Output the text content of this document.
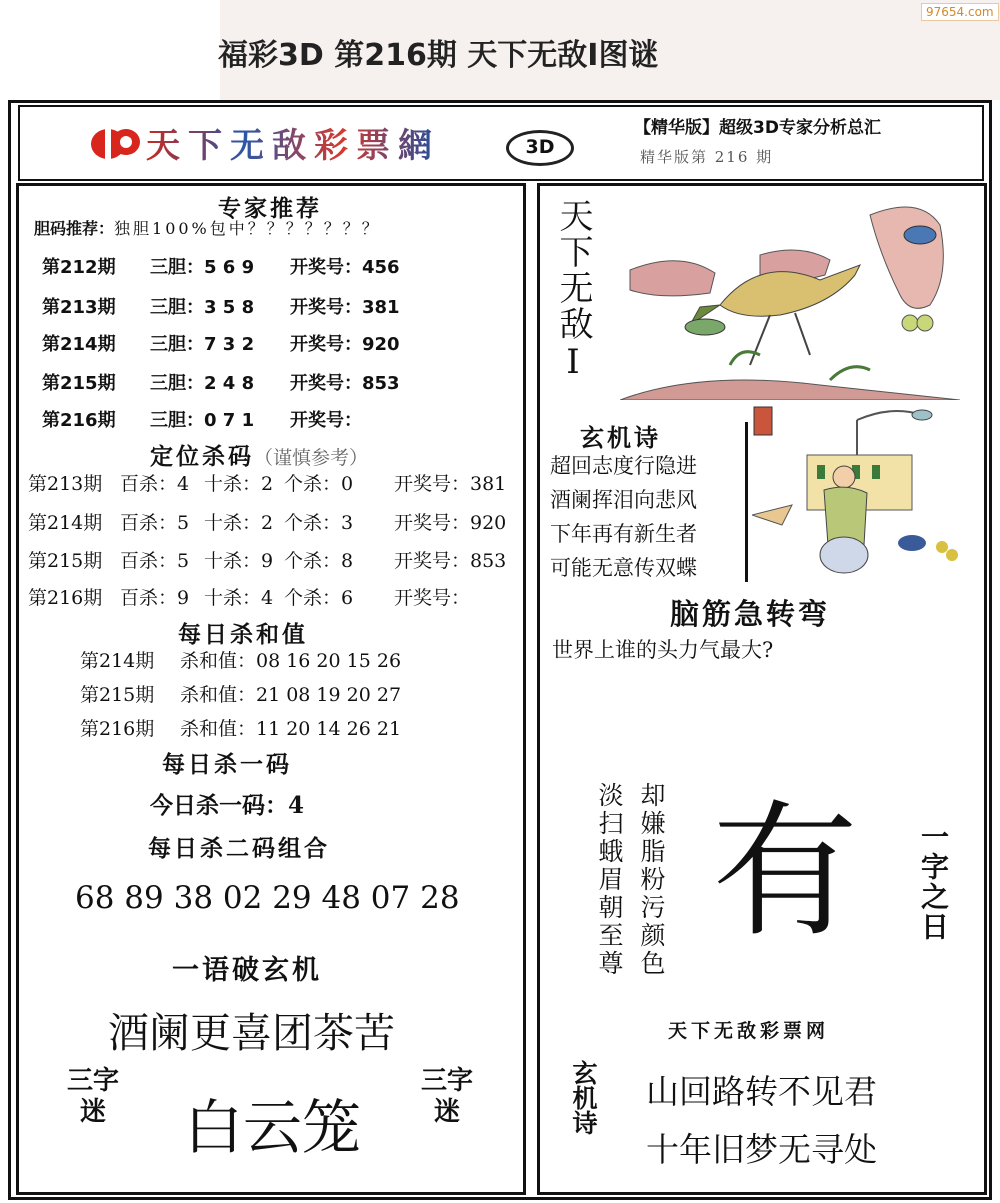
福彩3D 第216期 天下无敌Ⅰ图谜
97654.com
天下无敌彩票網	3D
【精华版】超级3D专家分析总汇
精华版第 216 期
专家推荐
胆码推荐：独胆100%包中？？？？？？？
第212期 三胆：5 6 9 开奖号：456
第213期 三胆：3 5 8 开奖号：381
第214期 三胆：7 3 2 开奖号：920
第215期 三胆：2 4 8 开奖号：853
第216期 三胆：0 7 1 开奖号：
定位杀码（谨慎参考）
第213期 百杀：4 十杀：2 个杀：0 开奖号：381
第214期 百杀：5 十杀：2 个杀：3 开奖号：920
第215期 百杀：5 十杀：9 个杀：8 开奖号：853
第216期 百杀：9 十杀：4 个杀：6 开奖号：
每日杀和值
第214期 杀和值：08 16 20 15 26
第215期 杀和值：21 08 19 20 27
第216期 杀和值：11 20 14 26 21
每日杀一码
今日杀一码：4
每日杀二码组合
68 89 38 02 29 48 07 28
一语破玄机
酒阑更喜团茶苦
三字迷 白云笼
三字迷
天下无敌Ⅰ
玄机诗
超回志度行隐进
酒阑挥泪向悲风
下年再有新生者
可能无意传双蝶
脑筋急转弯
世界上谁的头力气最大?
却嫌脂粉污颜色
淡扫蛾眉朝至尊 有	一字之日
天下无敌彩票网
玄机诗 山回路转不见君
十年旧梦无寻处
